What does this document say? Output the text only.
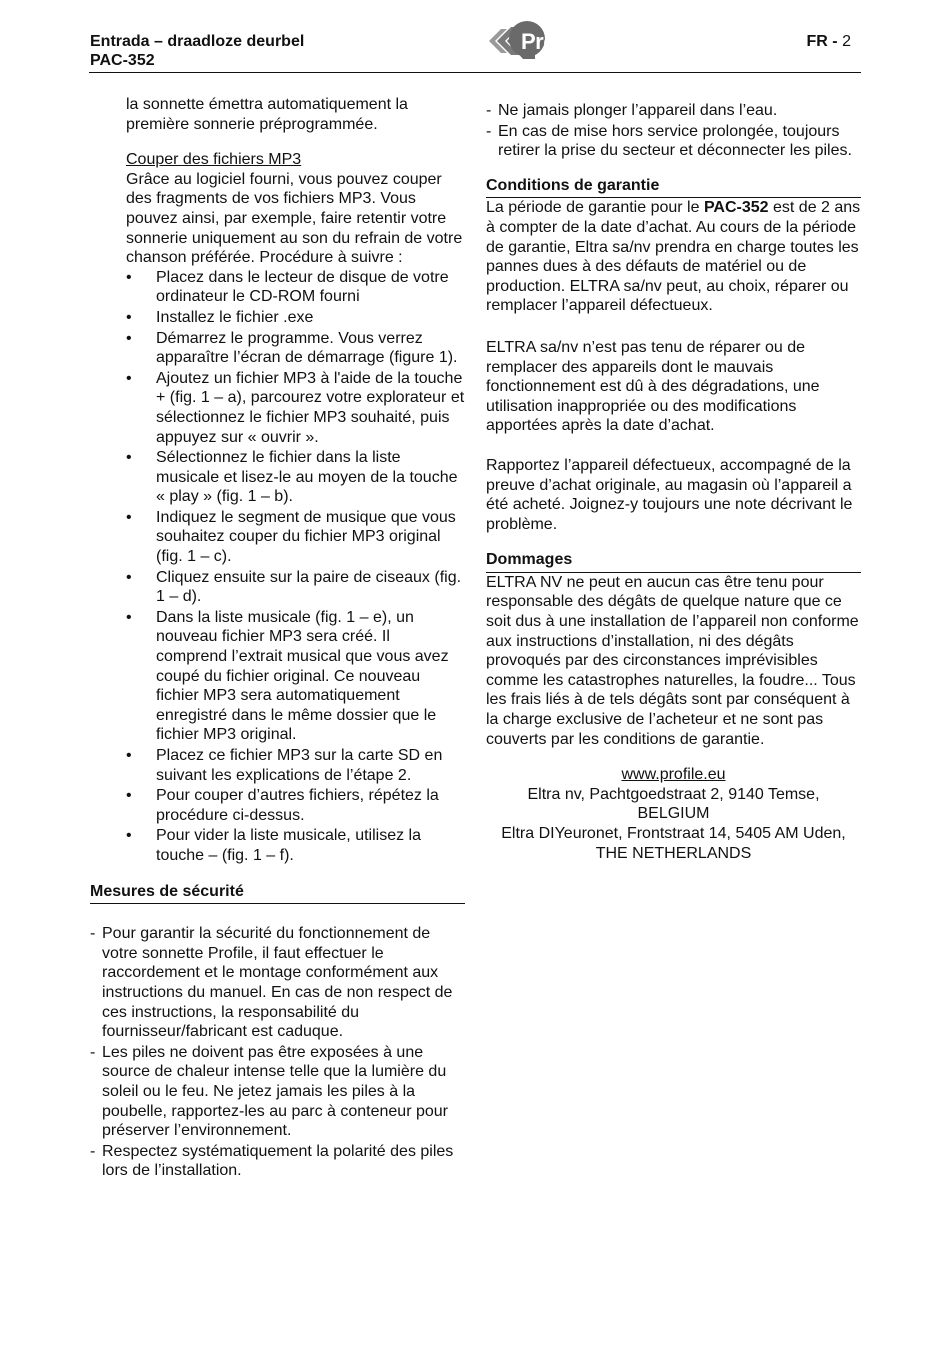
Entrada – draadloze deurbel
PAC-352
Profile	FR - 2

la sonnette émettra automatiquement la première sonnerie préprogrammée.

Couper des fichiers MP3

Grâce au logiciel fourni, vous pouvez couper des fragments de vos fichiers MP3. Vous pouvez ainsi, par exemple, faire retentir votre sonnerie uniquement au son du refrain de votre chanson préférée. Procédure à suivre :

•	Placez dans le lecteur de disque de votre ordinateur le CD-ROM fourni
•	Installez le fichier .exe
•	Démarrez le programme. Vous verrez apparaître l’écran de démarrage (figure 1).
•	Ajoutez un fichier MP3 à l'aide de la touche + (fig. 1 – a), parcourez votre explorateur et sélectionnez le fichier MP3 souhaité, puis appuyez sur « ouvrir ».
•	Sélectionnez le fichier dans la liste musicale et lisez-le au moyen de la touche « play » (fig. 1 – b).
•	Indiquez le segment de musique que vous souhaitez couper du fichier MP3 original (fig. 1 – c).
•	Cliquez ensuite sur la paire de ciseaux (fig. 1 – d).
•	Dans la liste musicale (fig. 1 – e), un nouveau fichier MP3 sera créé. Il comprend l’extrait musical que vous avez coupé du fichier original. Ce nouveau fichier MP3 sera automatiquement enregistré dans le même dossier que le fichier MP3 original.
•	Placez ce fichier MP3 sur la carte SD en suivant les explications de l’étape 2.
•	Pour couper d’autres fichiers, répétez la procédure ci-dessus.
•	Pour vider la liste musicale, utilisez la touche – (fig. 1 – f).
Mesures de sécurité
- Pour garantir la sécurité du fonctionnement de votre sonnette Profile, il faut effectuer le raccordement et le montage conformément aux instructions du manuel. En cas de non respect de ces instructions, la responsabilité du fournisseur/fabricant est caduque.
- Les piles ne doivent pas être exposées à une source de chaleur intense telle que la lumière du soleil ou le feu. Ne jetez jamais les piles à la poubelle, rapportez-les au parc à conteneur pour préserver l’environnement.
- Respectez systématiquement la polarité des piles lors de l’installation.
- Ne jamais plonger l’appareil dans l’eau.
- En cas de mise hors service prolongée, toujours retirer la prise du secteur et déconnecter les piles.
Conditions de garantie

La période de garantie pour le PAC-352 est de 2 ans à compter de la date d’achat. Au cours de la période de garantie, Eltra sa/nv prendra en charge toutes les pannes dues à des défauts de matériel ou de production. ELTRA sa/nv peut, au choix, réparer ou remplacer l’appareil défectueux.

ELTRA sa/nv n’est pas tenu de réparer ou de remplacer des appareils dont le mauvais fonctionnement est dû à des dégradations, une utilisation inappropriée ou des modifications apportées après la date d’achat.

Rapportez l’appareil défectueux, accompagné de la preuve d’achat originale, au magasin où l’appareil a été acheté. Joignez-y toujours une note décrivant le problème.

Dommages

ELTRA NV ne peut en aucun cas être tenu pour responsable des dégâts de quelque nature que ce soit dus à une installation de l’appareil non conforme aux instructions d’installation, ni des dégâts provoqués par des circonstances imprévisibles comme les catastrophes naturelles, la foudre... Tous les frais liés à de tels dégâts sont par conséquent à la charge exclusive de l’acheteur et ne sont pas couverts par les conditions de garantie.

www.profile.eu
Eltra nv, Pachtgoedstraat 2, 9140 Temse,
BELGIUM
Eltra DIYeuronet, Frontstraat 14, 5405 AM Uden,
THE NETHERLANDS
